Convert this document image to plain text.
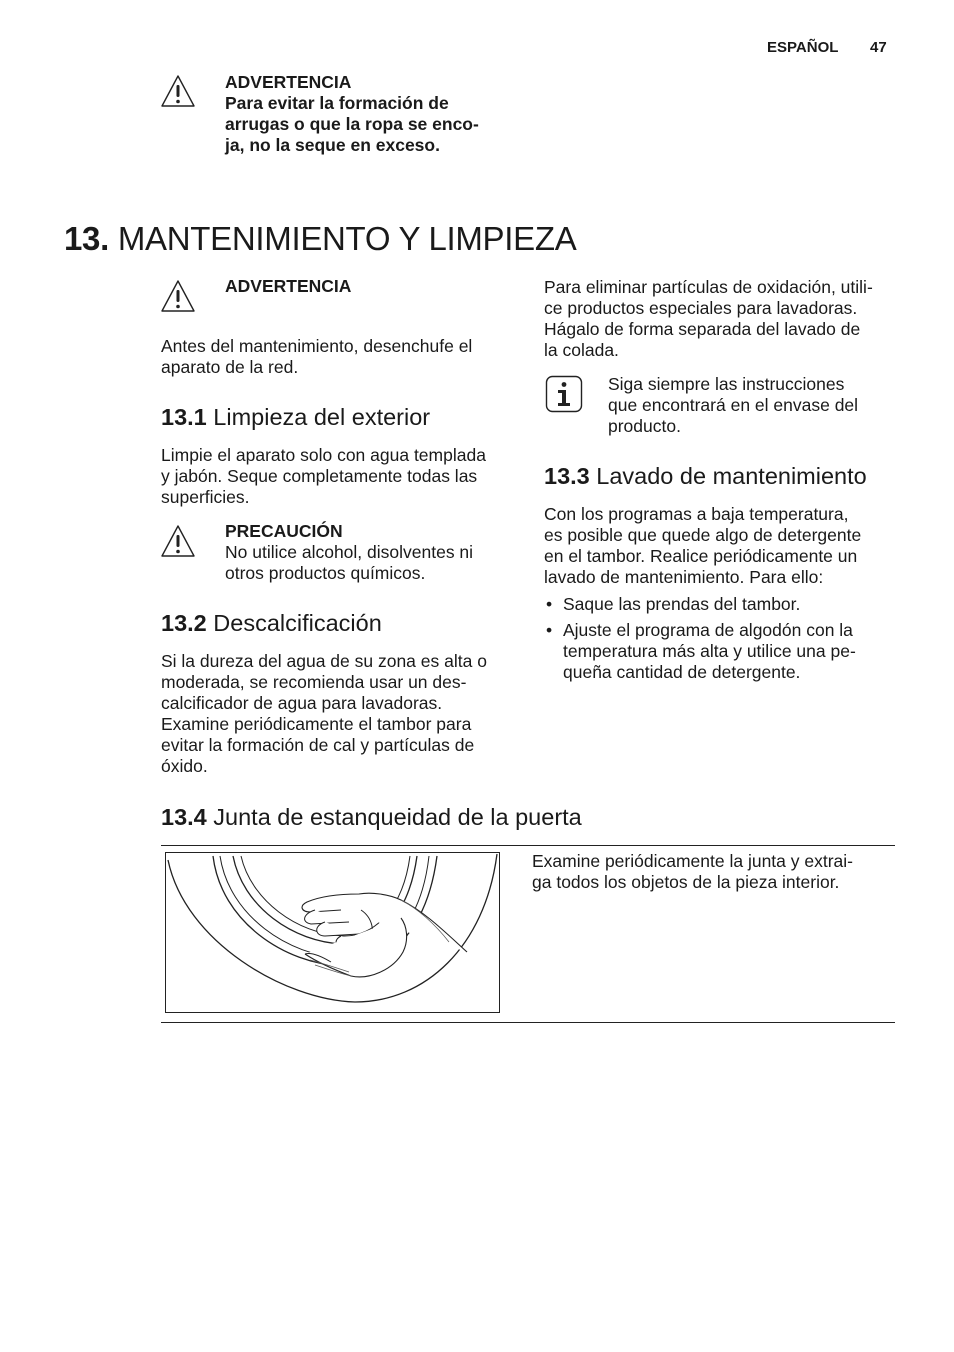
ESPAÑOL 47

ADVERTENCIA

Para evitar la formación de

arrugas o que la ropa se enco-

ja, no la seque en exceso.

13. MANTENIMIENTO Y LIMPIEZA

ADVERTENCIA

Antes del mantenimiento, desenchufe el

aparato de la red.

13.1 Limpieza del exterior

Limpie el aparato solo con agua templada

y jabón. Seque completamente todas las

superficies.

PRECAUCIÓN

No utilice alcohol, disolventes ni

otros productos químicos.

13.2 Descalcificación

Si la dureza del agua de su zona es alta o

moderada, se recomienda usar un des-

calcificador de agua para lavadoras.

Examine periódicamente el tambor para

evitar la formación de cal y partículas de

óxido.

Para eliminar partículas de oxidación, utili-

ce productos especiales para lavadoras.

Hágalo de forma separada del lavado de

la colada.

Siga siempre las instrucciones

que encontrará en el envase del

producto.

13.3 Lavado de mantenimiento

Con los programas a baja temperatura,

es posible que quede algo de detergente

en el tambor. Realice periódicamente un

lavado de mantenimiento. Para ello:

• Saque las prendas del tambor.
• Ajuste el programa de algodón con la
temperatura más alta y utilice una pe-
queña cantidad de detergente.
13.4 Junta de estanqueidad de la puerta

Examine periódicamente la junta y extrai-

ga todos los objetos de la pieza interior.
